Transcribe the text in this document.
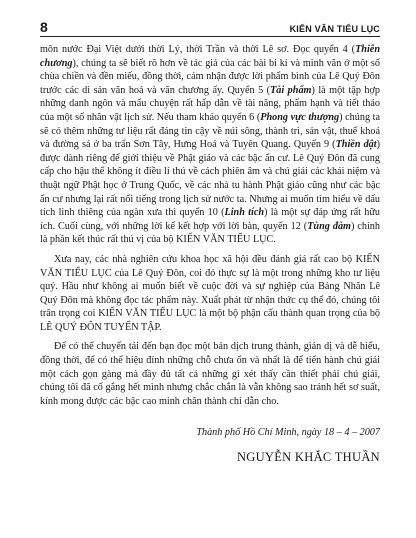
8	KIẾN VĂN TIỂU LỤC

môn nước Đại Việt dưới thời Lý, thời Trần và thời Lê sơ. Đọc quyển 4 (Thiên chương), chúng ta sẽ biết rõ hơn về tác giả của các bài bi kí và minh văn ở một số chùa chiền và đền miếu, đồng thời, cảm nhận được lời phẩm bình của Lê Quý Đôn trước các di sản văn hoá và văn chương ấy. Quyển 5 (Tài phẩm) là một tập hợp những danh ngôn và mẩu chuyện rất hấp dẫn về tài năng, phẩm hạnh và tiết tháo của một số nhân vật lịch sử. Nếu tham khảo quyển 6 (Phong vực thượng) chúng ta sẽ có thêm những tư liệu rất đáng tin cậy về núi sông, thành trì, sản vật, thuế khoá và đường sá ở ba trấn Sơn Tây, Hưng Hoá và Tuyên Quang. Quyển 9 (Thiền dật) được dành riêng để giới thiệu về Phật giáo và các bậc ẩn cư. Lê Quý Đôn đã cung cấp cho hậu thế không ít điều lí thú về cách phiên âm và chú giải các khái niệm và thuật ngữ Phật học ở Trung Quốc, về các nhà tu hành Phật giáo cũng như các bậc ẩn cư nhưng lại rất nổi tiếng trong lịch sử nước ta. Nhưng ai muốn tìm hiểu về dấu tích linh thiêng của ngàn xưa thì quyển 10 (Linh tích) là một sự đáp ứng rất hữu ích. Cuối cùng, với những lời kể kết hợp với lời bàn, quyển 12 (Tùng đàm) chính là phần kết thúc rất thú vị của bộ KIẾN VĂN TIỂU LỤC.

Xưa nay, các nhà nghiên cứu khoa học xã hội đều đánh giá rất cao bộ KIẾN VĂN TIỂU LỤC của Lê Quý Đôn, coi đó thực sự là một trong những kho tư liệu quý. Hầu như không ai muốn biết về cuộc đời và sự nghiệp của Bảng Nhãn Lê Quý Đôn mà không đọc tác phẩm này. Xuất phát từ nhận thức cụ thể đó, chúng tôi trân trọng coi KIẾN VĂN TIỂU LỤC là một bộ phận cấu thành quan trọng của bộ LÊ QUÝ ĐÔN TUYỂN TẬP.

Để có thể chuyển tải đến bạn đọc một bản dịch trung thành, giản dị và dễ hiểu, đồng thời, để có thể hiệu đính những chỗ chưa ổn và nhất là để tiến hành chú giải một cách gọn gàng mà đầy đủ tất cả những gì xét thấy cần thiết phải chú giải, chúng tôi đã cố gắng hết mình nhưng chắc chắn là vẫn không sao tránh hết sơ suất, kính mong được các bậc cao minh chân thành chỉ dẫn cho.

Thành phố Hồ Chí Minh, ngày 18 – 4 – 2007
NGUYỄN KHẮC THUẦN
